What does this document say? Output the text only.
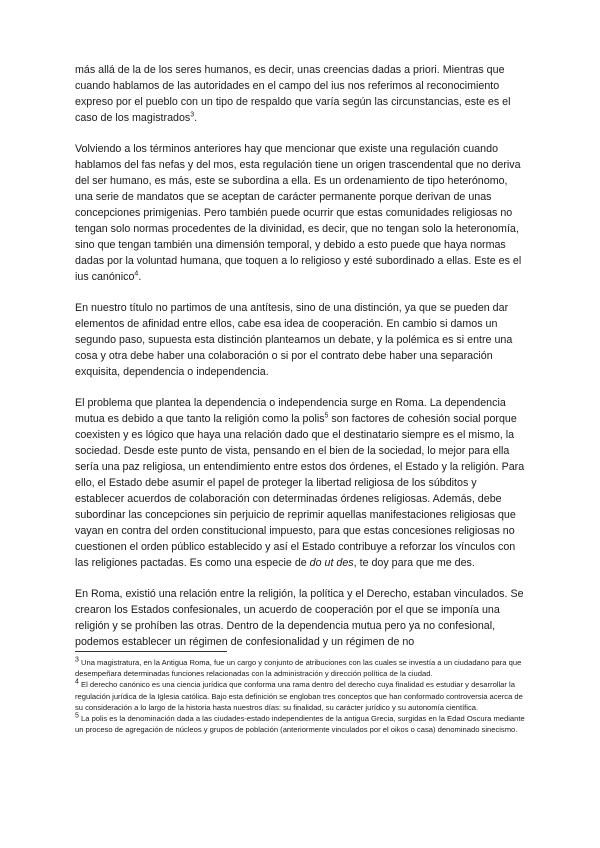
más allá de la de los seres humanos, es decir, unas creencias dadas a priori. Mientras que cuando hablamos de las autoridades en el campo del ius nos referimos al reconocimiento expreso por el pueblo con un tipo de respaldo que varía según las circunstancias, este es el caso de los magistrados$^3$.

Volviendo a los términos anteriores hay que mencionar que existe una regulación cuando hablamos del fas nefas y del mos, esta regulación tiene un origen trascendental que no deriva del ser humano, es más, este se subordina a ella. Es un ordenamiento de tipo heterónomo, una serie de mandatos que se aceptan de carácter permanente porque derivan de unas concepciones primigenias. Pero también puede ocurrir que estas comunidades religiosas no tengan solo normas procedentes de la divinidad, es decir, que no tengan solo la heteronomía, sino que tengan también una dimensión temporal, y debido a esto puede que haya normas dadas por la voluntad humana, que toquen a lo religioso y esté subordinado a ellas. Este es el ius canónico$^4$.

En nuestro título no partimos de una antítesis, sino de una distinción, ya que se pueden dar elementos de afinidad entre ellos, cabe esa idea de cooperación. En cambio si damos un segundo paso, supuesta esta distinción planteamos un debate, y la polémica es si entre una cosa y otra debe haber una colaboración o si por el contrato debe haber una separación exquisita, dependencia o independencia.

El problema que plantea la dependencia o independencia surge en Roma. La dependencia mutua es debido a que tanto la religión como la polis$^5$ son factores de cohesión social porque coexisten y es lógico que haya una relación dado que el destinatario siempre es el mismo, la sociedad. Desde este punto de vista, pensando en el bien de la sociedad, lo mejor para ella sería una paz religiosa, un entendimiento entre estos dos órdenes, el Estado y la religión. Para ello, el Estado debe asumir el papel de proteger la libertad religiosa de los súbditos y establecer acuerdos de colaboración con determinadas órdenes religiosas. Además, debe subordinar las concepciones sin perjuicio de reprimir aquellas manifestaciones religiosas que vayan en contra del orden constitucional impuesto, para que estas concesiones religiosas no cuestionen el orden público establecido y así el Estado contribuye a reforzar los vínculos con las religiones pactadas. Es como una especie de do ut des, te doy para que me des.

En Roma, existió una relación entre la religión, la política y el Derecho, estaban vinculados. Se crearon los Estados confesionales, un acuerdo de cooperación por el que se imponía una religión y se prohíben las otras. Dentro de la dependencia mutua pero ya no confesional, podemos establecer un régimen de confesionalidad y un régimen de no

$^3$ Una magistratura, en la Antigua Roma, fue un cargo y conjunto de atribuciones con las cuales se investía a un ciudadano para que desempeñara determinadas funciones relacionadas con la administración y dirección política de la ciudad.

$^4$ El derecho canónico es una ciencia jurídica que conforma una rama dentro del derecho cuya finalidad es estudiar y desarrollar la regulación jurídica de la Iglesia católica. Bajo esta definición se engloban tres conceptos que han conformado controversia acerca de su consideración a lo largo de la historia hasta nuestros días: su finalidad, su carácter jurídico y su autonomía científica.

$^5$ La polis es la denominación dada a las ciudades-estado independientes de la antigua Grecia, surgidas en la Edad Oscura mediante un proceso de agregación de núcleos y grupos de población (anteriormente vinculados por el oikos o casa) denominado sinecismo.
